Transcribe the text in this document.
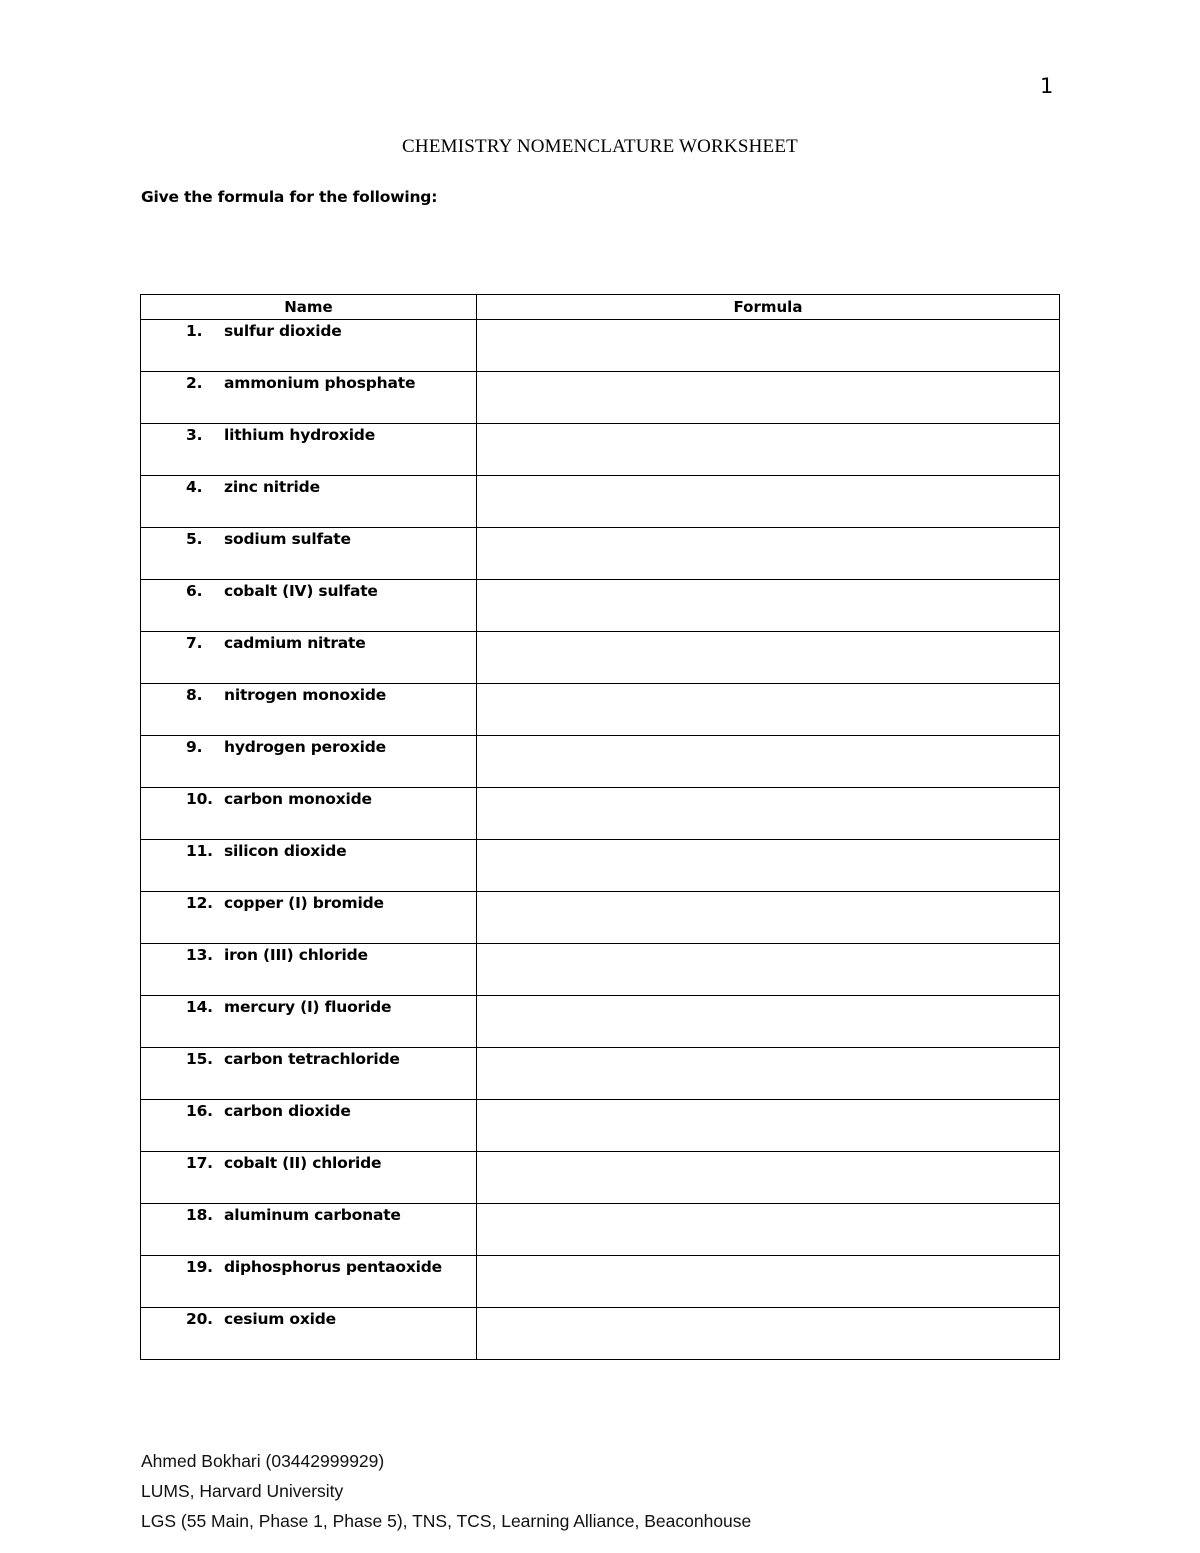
1
CHEMISTRY NOMENCLATURE WORKSHEET
Give the formula for the following:
Name	Formula
1. sulfur dioxide	
2. ammonium phosphate	
3. lithium hydroxide	
4. zinc nitride	
5. sodium sulfate	
6. cobalt (IV) sulfate	
7. cadmium nitrate	
8. nitrogen monoxide	
9. hydrogen peroxide	
10. carbon monoxide	
11. silicon dioxide	
12. copper (I) bromide	
13. iron (III) chloride	
14. mercury (I) fluoride	
15. carbon tetrachloride	
16. carbon dioxide	
17. cobalt (II) chloride	
18. aluminum carbonate	
19. diphosphorus pentaoxide	
20. cesium oxide	
Ahmed Bokhari (03442999929)
LUMS, Harvard University
LGS (55 Main, Phase 1, Phase 5), TNS, TCS, Learning Alliance, Beaconhouse
